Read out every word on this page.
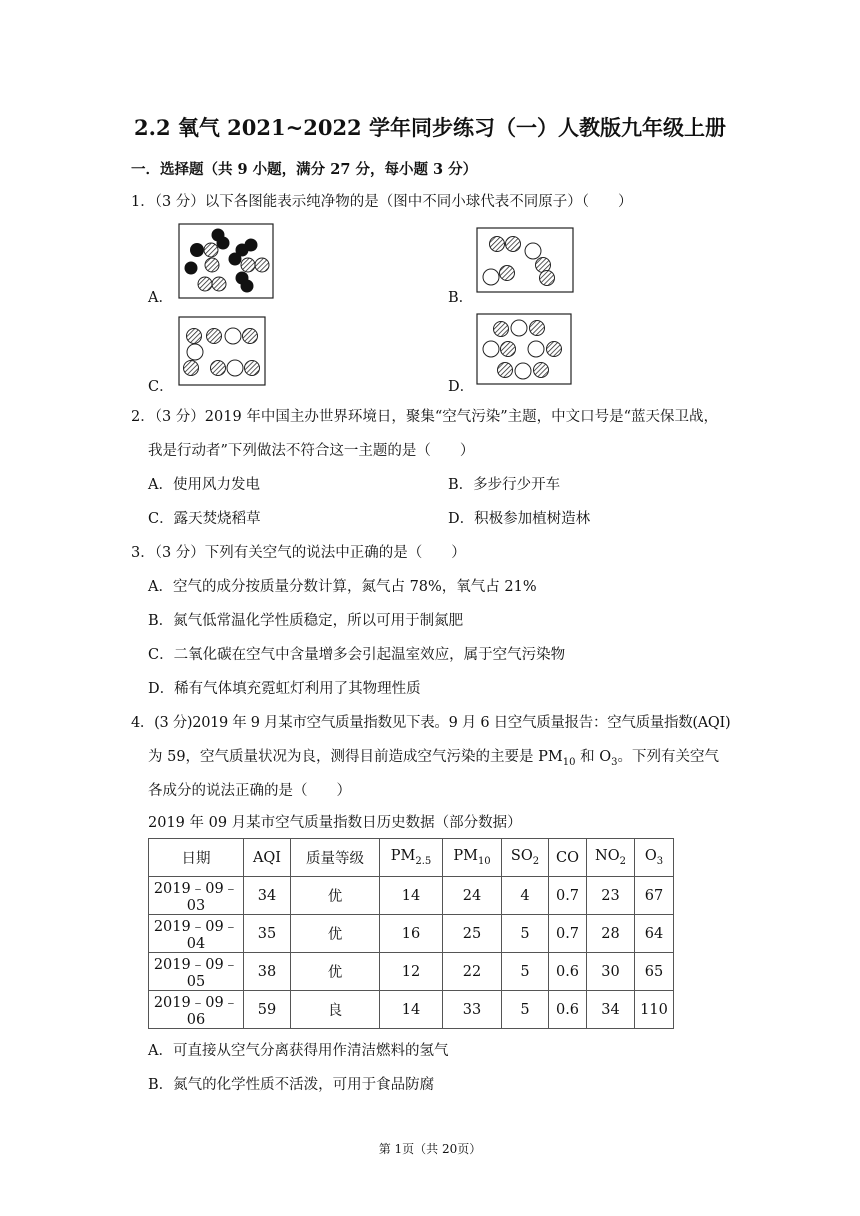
2.2 氧气 2021~2022 学年同步练习（一）人教版九年级上册
一．选择题（共 9 小题，满分 27 分，每小题 3 分）
1．（3 分）以下各图能表示纯净物的是（图中不同小球代表不同原子）（　　）
A．	B．
C．	D．
2．（3 分）2019 年中国主办世界环境日，聚集“空气污染”主题，中文口号是“蓝天保卫战，
我是行动者”下列做法不符合这一主题的是（　　）
A．使用风力发电	B．多步行少开车
C．露天焚烧稻草	D．积极参加植树造林
3．（3 分）下列有关空气的说法中正确的是（　　）
A．空气的成分按质量分数计算，氮气占 78%，氧气占 21%
B．氮气低常温化学性质稳定，所以可用于制氮肥
C．二氧化碳在空气中含量增多会引起温室效应，属于空气污染物
D．稀有气体填充霓虹灯利用了其物理性质
4．(3 分)2019 年 9 月某市空气质量指数见下表。9 月 6 日空气质量报告：空气质量指数(AQI)
为 59，空气质量状况为良，测得目前造成空气污染的主要是 $PM_{10}$ 和 $O_3$。下列有关空气
各成分的说法正确的是（　　）
2019 年 09 月某市空气质量指数日历史数据（部分数据）
日期	AQI	质量等级	$PM_{2.5}$	$PM_{10}$	$SO_2$	CO	$NO_2$	$O_3$
2019﹣09﹣03	34	优	14	24	4	0.7	23	67
2019﹣09﹣04	35	优	16	25	5	0.7	28	64
2019﹣09﹣05	38	优	12	22	5	0.6	30	65
2019﹣09﹣06	59	良	14	33	5	0.6	34	110
A．可直接从空气分离获得用作清洁燃料的氢气
B．氮气的化学性质不活泼，可用于食品防腐
第 1页（共 20页）
